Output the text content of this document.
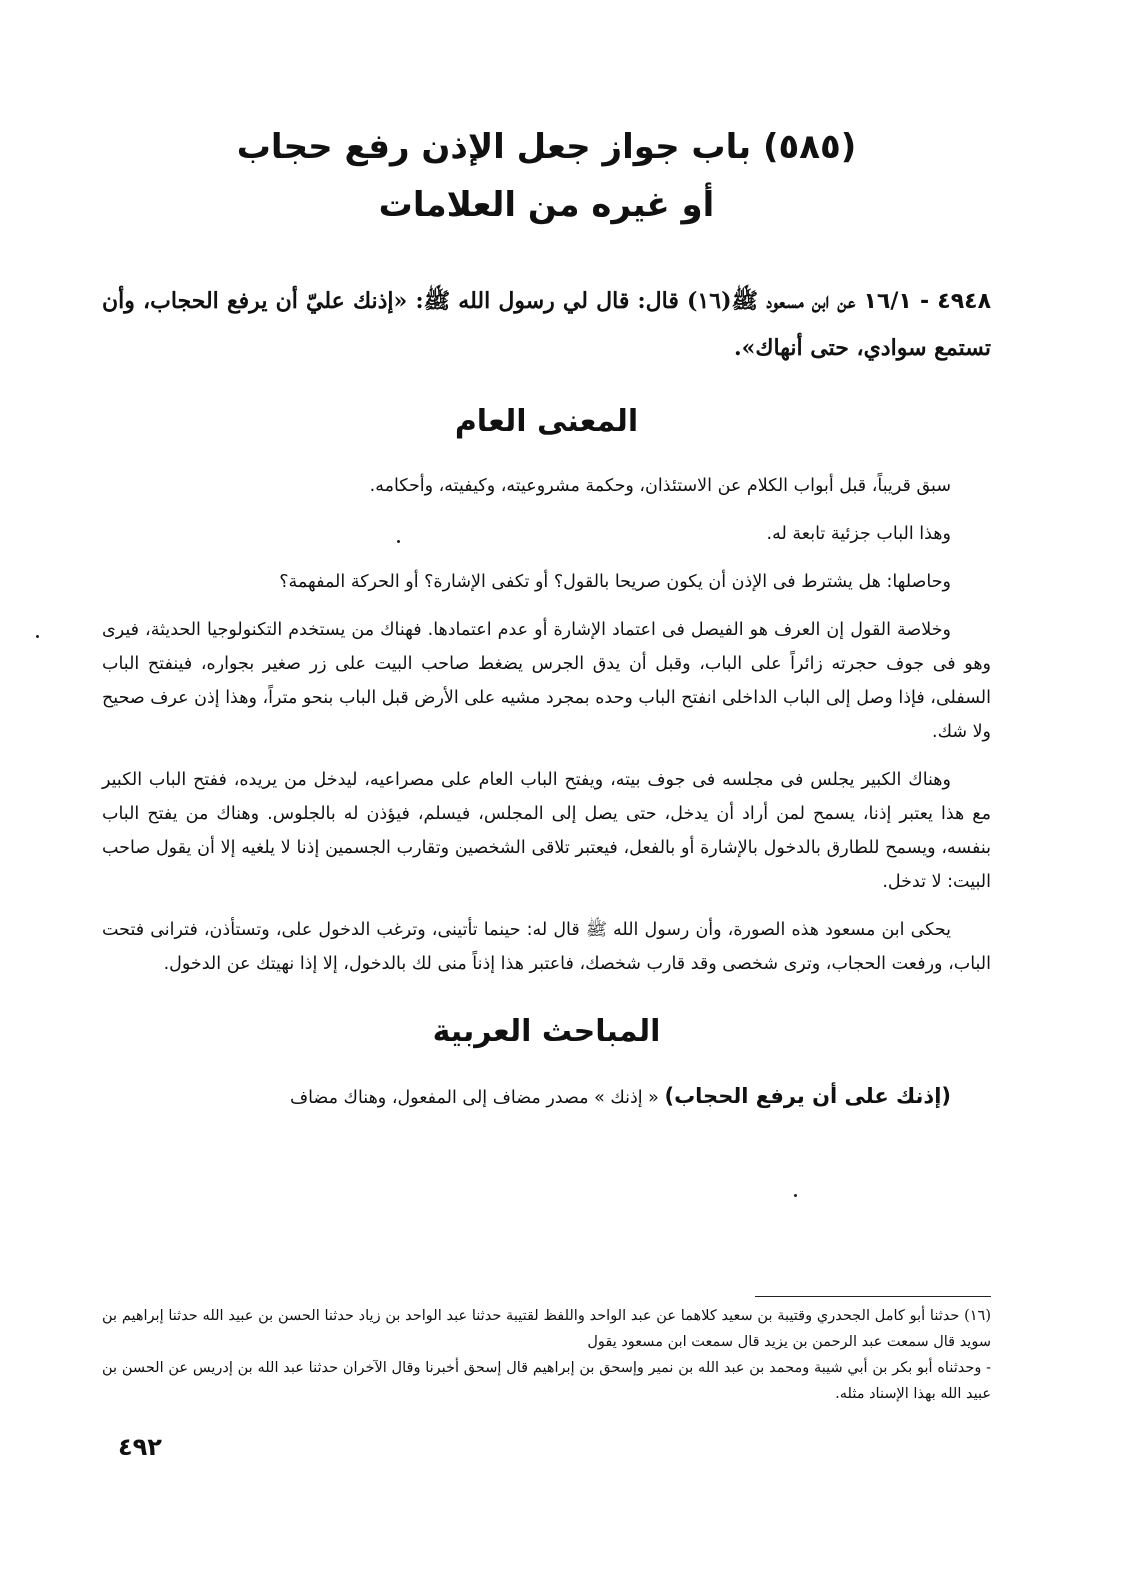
(٥٨٥) باب جواز جعل الإذن رفع حجاب
أو غيره من العلامات

٤٩٤٨ - ١٦/١ عن ابن مسعود ﷺ(١٦) قال: قال لي رسول الله ﷺ: «إذنك عليّ أن يرفع الحجاب، وأن تستمع سوادي، حتى أنهاك».

المعنى العام

سبق قريباً، قبل أبواب الكلام عن الاستئذان، وحكمة مشروعيته، وكيفيته، وأحكامه.

وهذا الباب جزئية تابعة له.

وحاصلها: هل يشترط فى الإذن أن يكون صريحا بالقول؟ أو تكفى الإشارة؟ أو الحركة المفهمة؟

وخلاصة القول إن العرف هو الفيصل فى اعتماد الإشارة أو عدم اعتمادها. فهناك من يستخدم التكنولوجيا الحديثة، فيرى وهو فى جوف حجرته زائراً على الباب، وقبل أن يدق الجرس يضغط صاحب البيت على زر صغير بجواره، فينفتح الباب السفلى، فإذا وصل إلى الباب الداخلى انفتح الباب وحده بمجرد مشيه على الأرض قبل الباب بنحو متراً، وهذا إذن عرف صحيح ولا شك.

وهناك الكبير يجلس فى مجلسه فى جوف بيته، ويفتح الباب العام على مصراعيه، ليدخل من يريده، ففتح الباب الكبير مع هذا يعتبر إذنا، يسمح لمن أراد أن يدخل، حتى يصل إلى المجلس، فيسلم، فيؤذن له بالجلوس. وهناك من يفتح الباب بنفسه، ويسمح للطارق بالدخول بالإشارة أو بالفعل، فيعتبر تلاقى الشخصين وتقارب الجسمين إذنا لا يلغيه إلا أن يقول صاحب البيت: لا تدخل.

يحكى ابن مسعود هذه الصورة، وأن رسول الله ﷺ قال له: حينما تأتينى، وترغب الدخول على، وتستأذن، فترانى فتحت الباب، ورفعت الحجاب، وترى شخصى وقد قارب شخصك، فاعتبر هذا إذناً منى لك بالدخول، إلا إذا نهيتك عن الدخول.

المباحث العربية

(إذنك على أن يرفع الحجاب) « إذنك » مصدر مضاف إلى المفعول، وهناك مضاف

(١٦) حدثنا أبو كامل الجحدري وقتيبة بن سعيد كلاهما عن عبد الواحد واللفظ لقتيبة حدثنا عبد الواحد بن زياد حدثنا الحسن بن عبيد الله حدثنا إبراهيم بن سويد قال سمعت عبد الرحمن بن يزيد قال سمعت ابن مسعود يقول

- وحدثناه أبو بكر بن أبي شيبة ومحمد بن عبد الله بن نمير وإسحق بن إبراهيم قال إسحق أخبرنا وقال الآخران حدثنا عبد الله بن إدريس عن الحسن بن عبيد الله بهذا الإسناد مثله.

٤٩٢
